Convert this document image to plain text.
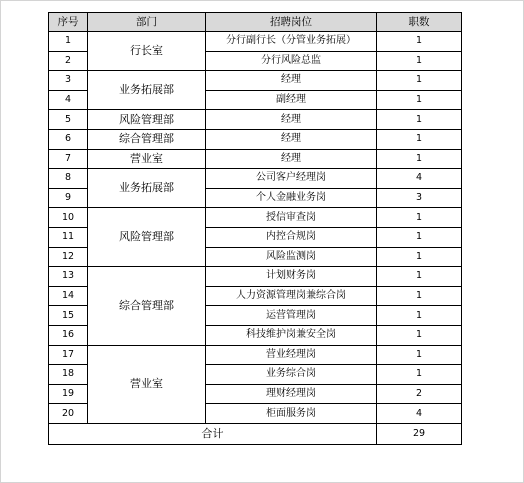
序号	部门	招聘岗位	职数
1	行长室	分行副行长（分管业务拓展）	1
2		分行风险总监	1
3	业务拓展部	经理	1
4		副经理	1
5	风险管理部	经理	1
6	综合管理部	经理	1
7	营业室	经理	1
8	业务拓展部	公司客户经理岗	4
9		个人金融业务岗	3
10	风险管理部	授信审查岗	1
11		内控合规岗	1
12		风险监测岗	1
13	综合管理部	计划财务岗	1
14		人力资源管理岗兼综合岗	1
15		运营管理岗	1
16		科技维护岗兼安全岗	1
17	营业室	营业经理岗	1
18		业务综合岗	1
19		理财经理岗	2
20		柜面服务岗	4
合计			29
